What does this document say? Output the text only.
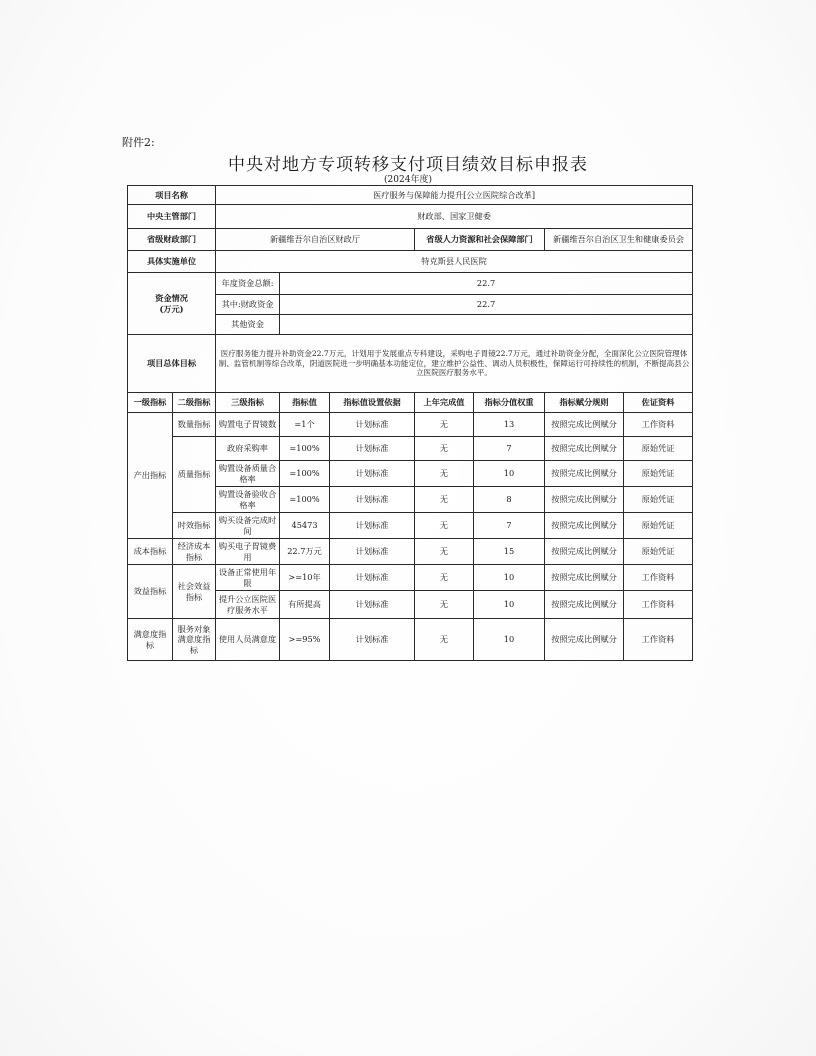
附件2:
中央对地方专项转移支付项目绩效目标申报表
(2024年度)
项目名称		医疗服务与保障能力提升[公立医院综合改革]						
中央主管部门		财政部、国家卫健委						
省级财政部门		新疆维吾尔自治区财政厅			省级人力资源和社会保障部门		新疆维吾尔自治区卫生和健康委员会	
具体实施单位		特克斯县人民医院						
资金情况
(万元)		年度资金总额:	22.7					
		其中:财政资金	22.7					
		其他资金						
项目总体目标		医疗服务能力提升补助资金22.7万元，计划用于发展重点专科建设，采购电子胃镜22.7万元，通过补助资金分配，全面深化公立医院管理体制、监管机制等综合改革，阴道医院进一步明确基本功能定位，建立维护公益性、调动人员积极性，保障运行可持续性的机制，不断提高县公立医院医疗服务水平。						
一级指标	二级指标	三级指标	指标值	指标值设置依据	上年完成值	指标分值权重	指标赋分规则	佐证资料
产出指标	数量指标	购置电子胃镜数	=1个	计划标准	无	13	按照完成比例赋分	工作资料
	质量指标	政府采购率	=100%	计划标准	无	7	按照完成比例赋分	原始凭证
		购置设备质量合格率	=100%	计划标准	无	10	按照完成比例赋分	原始凭证
		购置设备验收合格率	=100%	计划标准	无	8	按照完成比例赋分	原始凭证
	时效指标	购买设备完成时间	45473	计划标准	无	7	按照完成比例赋分	原始凭证
成本指标	经济成本指标	购买电子胃镜费用	22.7万元	计划标准	无	15	按照完成比例赋分	原始凭证
效益指标	社会效益指标	设备正常使用年限	>=10年	计划标准	无	10	按照完成比例赋分	工作资料
		提升公立医院医疗服务水平	有所提高	计划标准	无	10	按照完成比例赋分	工作资料
满意度指标	服务对象满意度指标	使用人员满意度	>=95%	计划标准	无	10	按照完成比例赋分	工作资料
